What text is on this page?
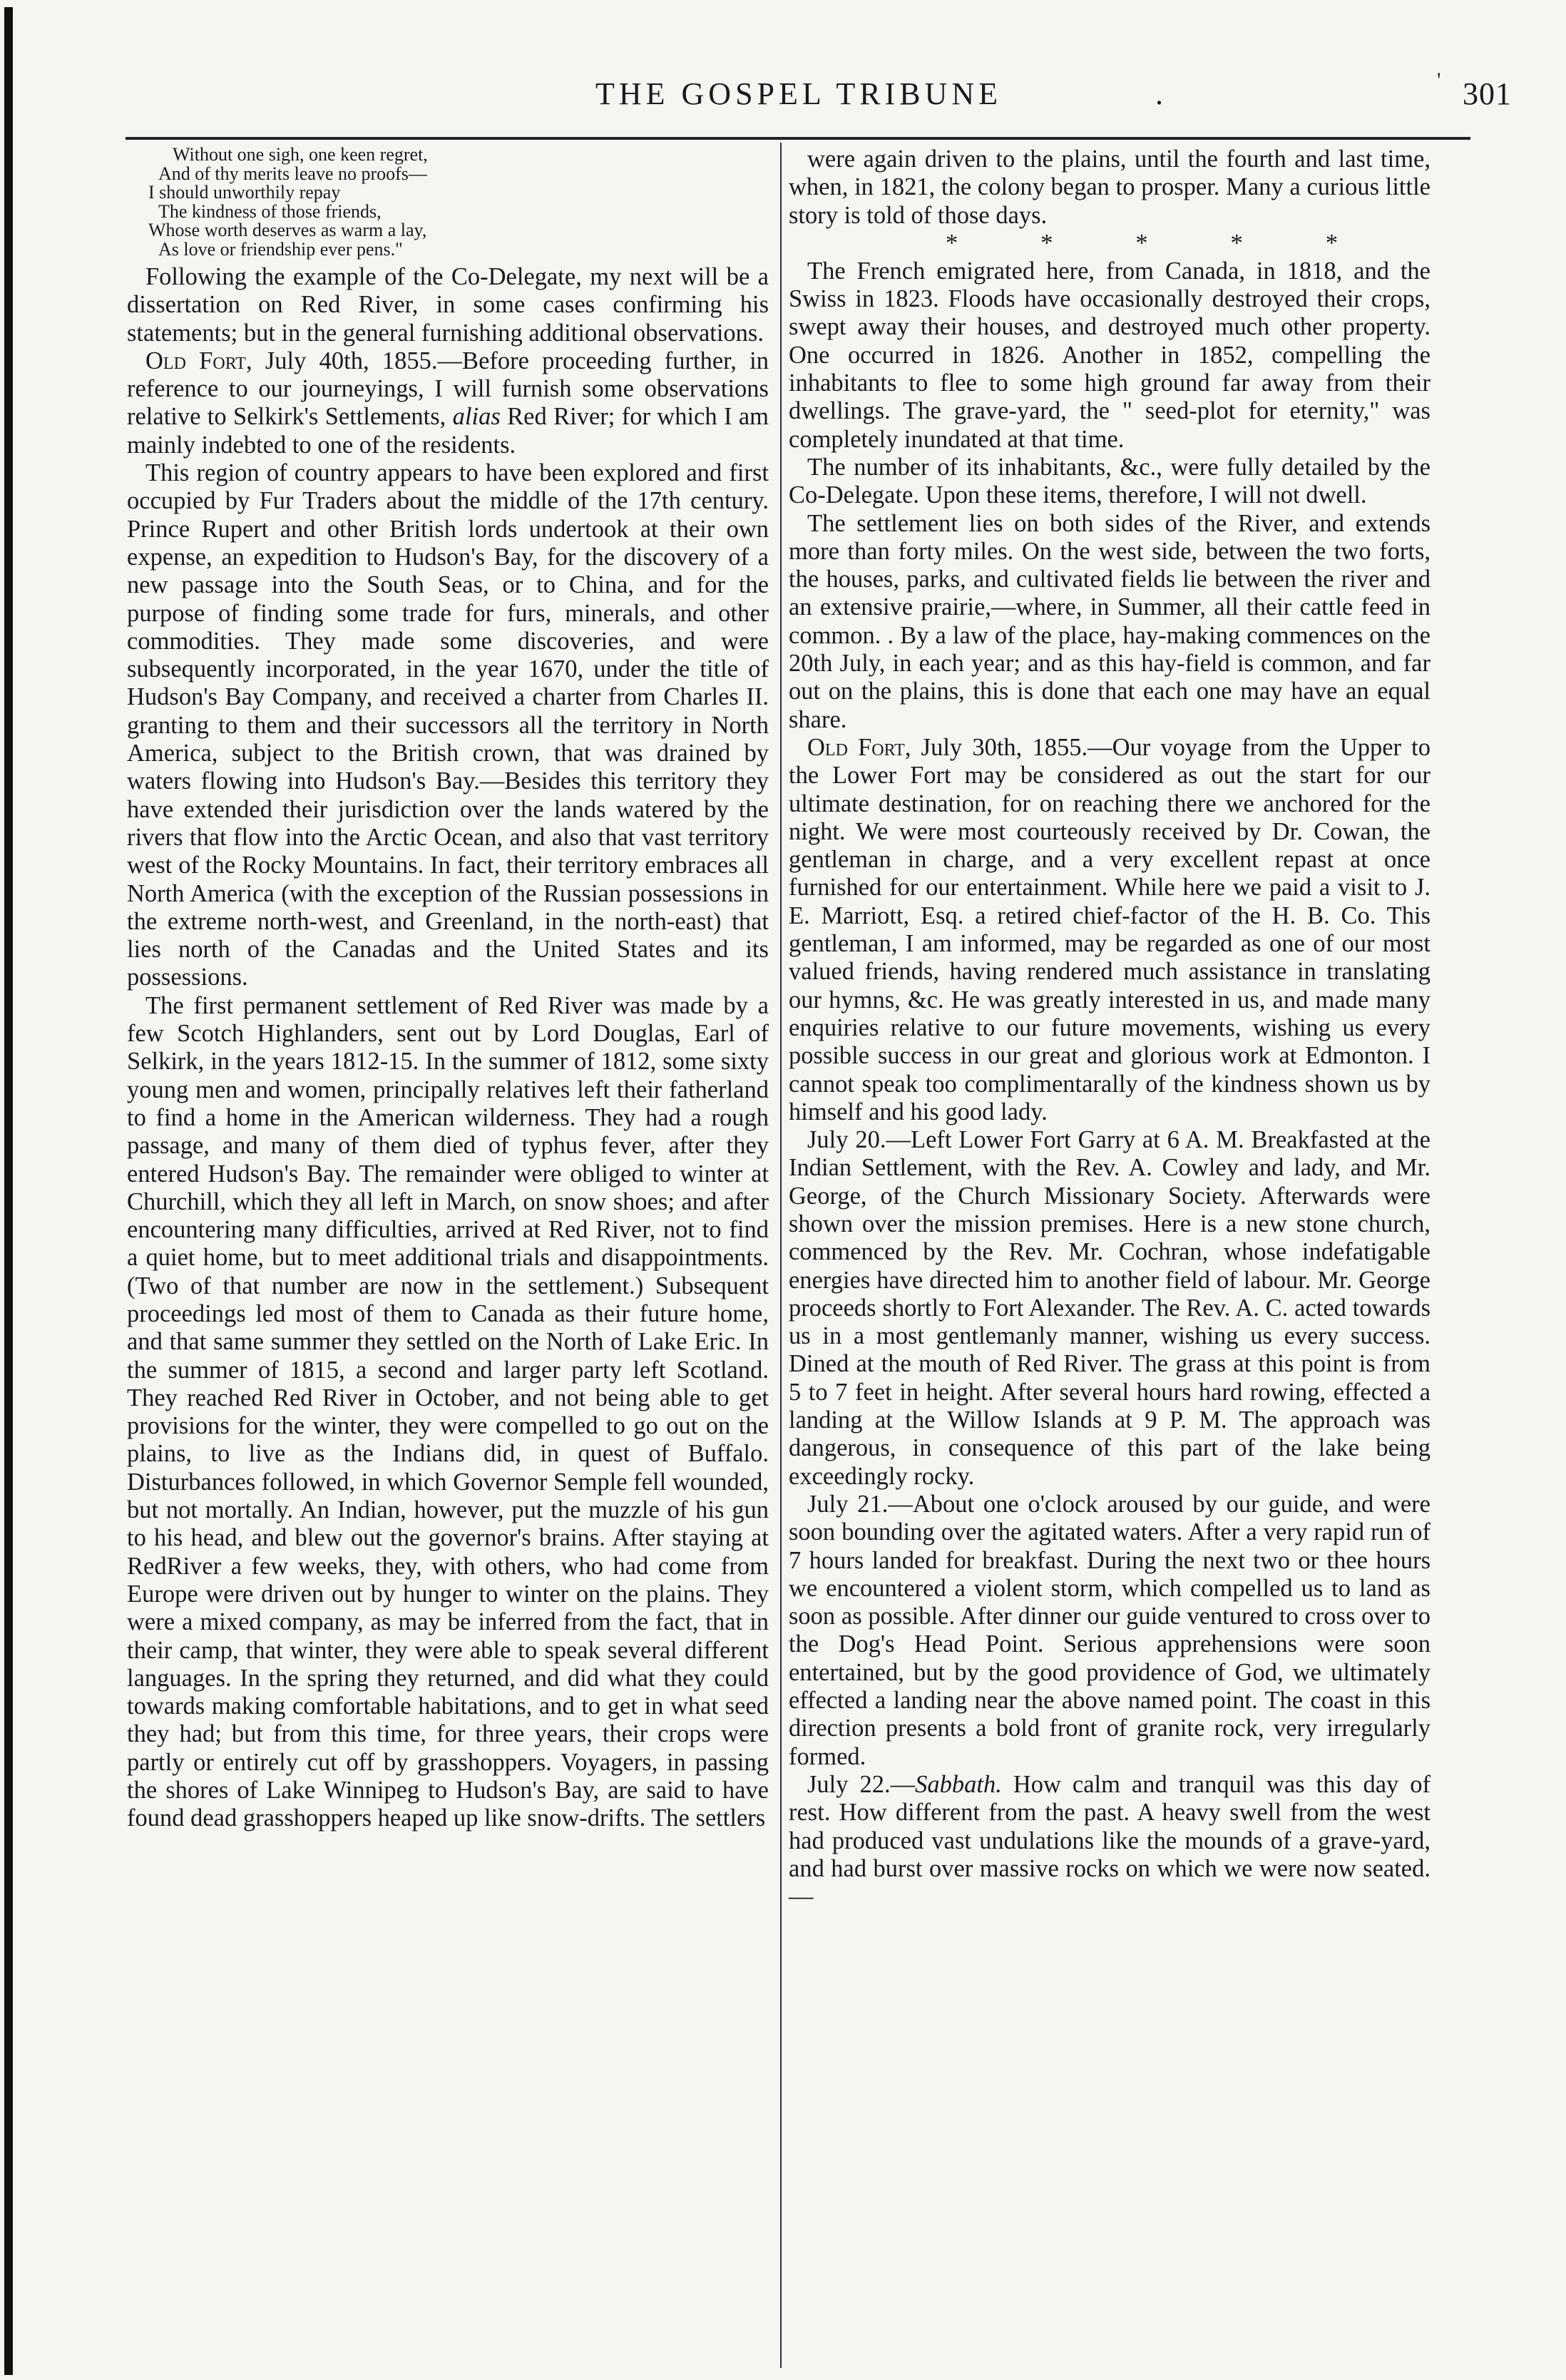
THE GOSPEL TRIBUNE	.	' 301
Without one sigh, one keen regret,
And of thy merits leave no proofs—
I should unworthily repay
The kindness of those friends,
Whose worth deserves as warm a lay,
As love or friendship ever pens."

Following the example of the Co-Delegate, my next will be a dissertation on Red River, in some cases confirming his statements; but in the general furnishing additional observations.

Old Fort, July 40th, 1855.—Before proceeding further, in reference to our journeyings, I will furnish some observations relative to Selkirk's Settlements, alias Red River; for which I am mainly indebted to one of the residents.

This region of country appears to have been explored and first occupied by Fur Traders about the middle of the 17th century. Prince Rupert and other British lords undertook at their own expense, an expedition to Hudson's Bay, for the discovery of a new passage into the South Seas, or to China, and for the purpose of finding some trade for furs, minerals, and other commodities. They made some discoveries, and were subsequently incorporated, in the year 1670, under the title of Hudson's Bay Company, and received a charter from Charles II. granting to them and their successors all the territory in North America, subject to the British crown, that was drained by waters flowing into Hudson's Bay.—Besides this territory they have extended their jurisdiction over the lands watered by the rivers that flow into the Arctic Ocean, and also that vast territory west of the Rocky Mountains. In fact, their territory embraces all North America (with the exception of the Russian possessions in the extreme north-west, and Greenland, in the north-east) that lies north of the Canadas and the United States and its possessions.

The first permanent settlement of Red River was made by a few Scotch Highlanders, sent out by Lord Douglas, Earl of Selkirk, in the years 1812-15. In the summer of 1812, some sixty young men and women, principally relatives left their fatherland to find a home in the American wilderness. They had a rough passage, and many of them died of typhus fever, after they entered Hudson's Bay. The remainder were obliged to winter at Churchill, which they all left in March, on snow shoes; and after encountering many difficulties, arrived at Red River, not to find a quiet home, but to meet additional trials and disappointments. (Two of that number are now in the settlement.) Subsequent proceedings led most of them to Canada as their future home, and that same summer they settled on the North of Lake Eric. In the summer of 1815, a second and larger party left Scotland. They reached Red River in October, and not being able to get provisions for the winter, they were compelled to go out on the plains, to live as the Indians did, in quest of Buffalo. Disturbances followed, in which Governor Semple fell wounded, but not mortally. An Indian, however, put the muzzle of his gun to his head, and blew out the governor's brains. After staying at RedRiver a few weeks, they, with others, who had come from Europe were driven out by hunger to winter on the plains. They were a mixed company, as may be inferred from the fact, that in their camp, that winter, they were able to speak several different languages. In the spring they returned, and did what they could towards making comfortable habitations, and to get in what seed they had; but from this time, for three years, their crops were partly or entirely cut off by grasshoppers. Voyagers, in passing the shores of Lake Winnipeg to Hudson's Bay, are said to have found dead grasshoppers heaped up like snow-drifts. The settlers

were again driven to the plains, until the fourth and last time, when, in 1821, the colony began to prosper. Many a curious little story is told of those days.

*	*	*	*	*

The French emigrated here, from Canada, in 1818, and the Swiss in 1823. Floods have occasionally destroyed their crops, swept away their houses, and destroyed much other property. One occurred in 1826. Another in 1852, compelling the inhabitants to flee to some high ground far away from their dwellings. The grave-yard, the " seed-plot for eternity," was completely inundated at that time.

The number of its inhabitants, &c., were fully detailed by the Co-Delegate. Upon these items, therefore, I will not dwell.

The settlement lies on both sides of the River, and extends more than forty miles. On the west side, between the two forts, the houses, parks, and cultivated fields lie between the river and an extensive prairie,—where, in Summer, all their cattle feed in common. . By a law of the place, hay-making commences on the 20th July, in each year; and as this hay-field is common, and far out on the plains, this is done that each one may have an equal share.

Old Fort, July 30th, 1855.—Our voyage from the Upper to the Lower Fort may be considered as out the start for our ultimate destination, for on reaching there we anchored for the night. We were most courteously received by Dr. Cowan, the gentleman in charge, and a very excellent repast at once furnished for our entertainment. While here we paid a visit to J. E. Marriott, Esq. a retired chief-factor of the H. B. Co. This gentleman, I am informed, may be regarded as one of our most valued friends, having rendered much assistance in translating our hymns, &c. He was greatly interested in us, and made many enquiries relative to our future movements, wishing us every possible success in our great and glorious work at Edmonton. I cannot speak too complimentarally of the kindness shown us by himself and his good lady.

July 20.—Left Lower Fort Garry at 6 A. M. Breakfasted at the Indian Settlement, with the Rev. A. Cowley and lady, and Mr. George, of the Church Missionary Society. Afterwards were shown over the mission premises. Here is a new stone church, commenced by the Rev. Mr. Cochran, whose indefatigable energies have directed him to another field of labour. Mr. George proceeds shortly to Fort Alexander. The Rev. A. C. acted towards us in a most gentlemanly manner, wishing us every success. Dined at the mouth of Red River. The grass at this point is from 5 to 7 feet in height. After several hours hard rowing, effected a landing at the Willow Islands at 9 P. M. The approach was dangerous, in consequence of this part of the lake being exceedingly rocky.

July 21.—About one o'clock aroused by our guide, and were soon bounding over the agitated waters. After a very rapid run of 7 hours landed for breakfast. During the next two or thee hours we encountered a violent storm, which compelled us to land as soon as possible. After dinner our guide ventured to cross over to the Dog's Head Point. Serious apprehensions were soon entertained, but by the good providence of God, we ultimately effected a landing near the above named point. The coast in this direction presents a bold front of granite rock, very irregularly formed.

July 22.—Sabbath. How calm and tranquil was this day of rest. How different from the past. A heavy swell from the west had produced vast undulations like the mounds of a grave-yard, and had burst over massive rocks on which we were now seated.—
